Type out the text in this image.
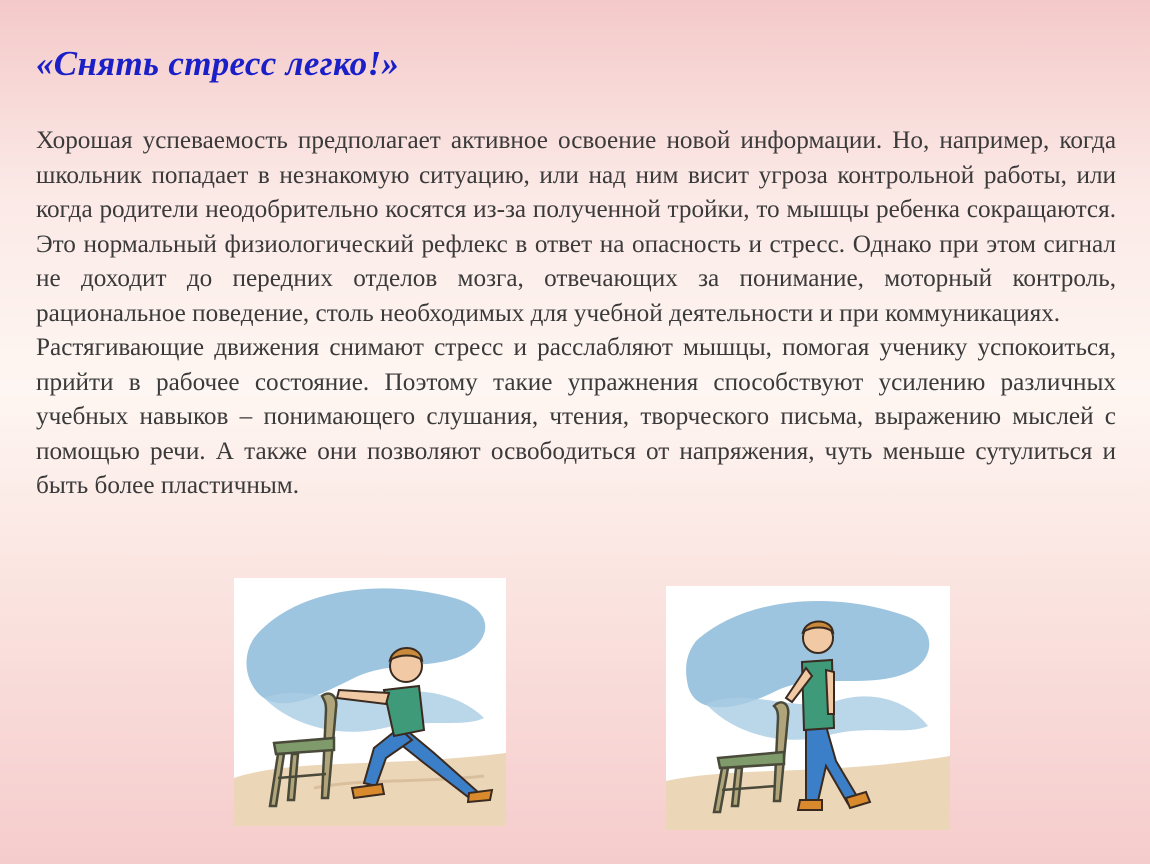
«Снять стресс легко!»

Хорошая успеваемость предполагает активное освоение новой информации. Но, например, когда школьник попадает в незнакомую ситуацию, или над ним висит угроза контрольной работы, или когда родители неодобрительно косятся из-за полученной тройки, то мышцы ребенка сокращаются. Это нормальный физиологический рефлекс в ответ на опасность и стресс. Однако при этом сигнал не доходит до передних отделов мозга, отвечающих за понимание, моторный контроль, рациональное поведение, столь необходимых для учебной деятельности и при коммуникациях.

Растягивающие движения снимают стресс и расслабляют мышцы, помогая ученику успокоиться, прийти в рабочее состояние. Поэтому такие упражнения способствуют усилению различных учебных навыков – понимающего слушания, чтения, творческого письма, выражению мыслей с помощью речи. А также они позволяют освободиться от напряжения, чуть меньше сутулиться и быть более пластичным.
